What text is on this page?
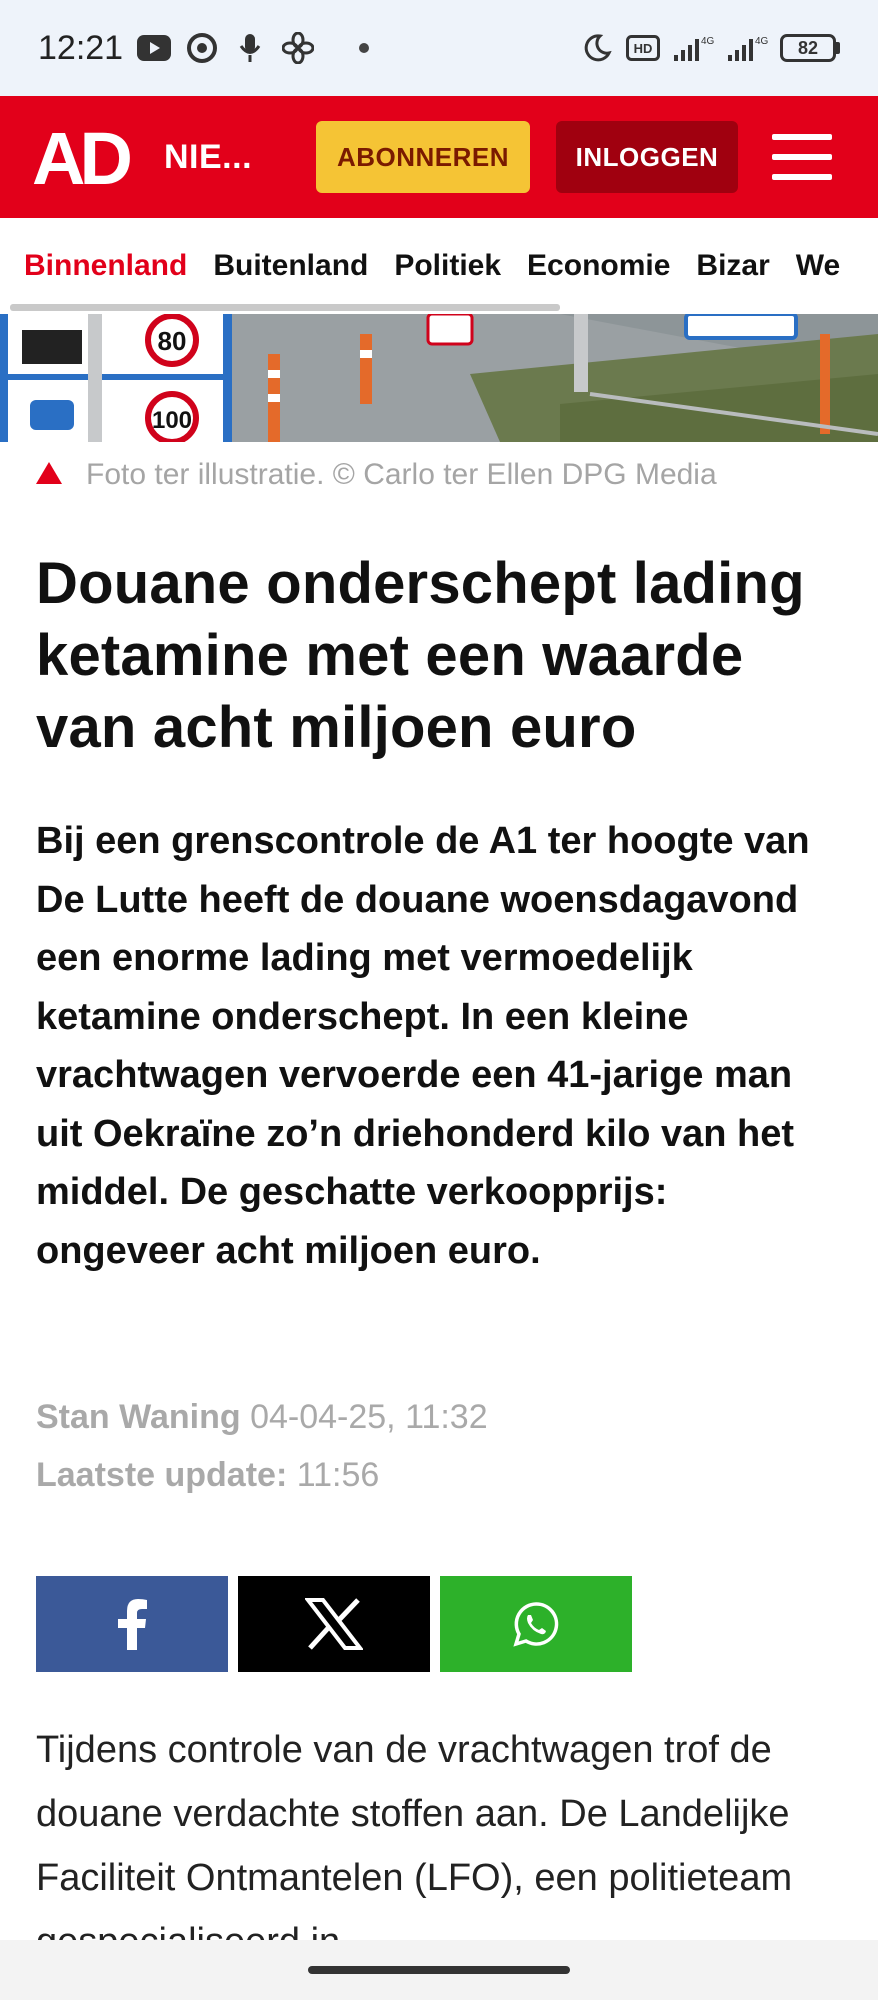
12:21	HD	4G	4G	82
AD NIE...	ABONNEREN	INLOGGEN
Binnenland Buitenland Politiek Economie Bizar We
80
100
Foto ter illustratie. © Carlo ter Ellen DPG Media
Douane onderschept lading ketamine met een waarde van acht miljoen euro

Bij een grenscontrole de A1 ter hoogte van De Lutte heeft de douane woensdagavond een enorme lading met vermoedelijk ketamine onderschept. In een kleine vrachtwagen vervoerde een 41-jarige man uit Oekraïne zo’n driehonderd kilo van het middel. De geschatte verkoopprijs: ongeveer acht miljoen euro.

Stan Waning 04-04-25, 11:32
Laatste update: 11:56

Tijdens controle van de vrachtwagen trof de douane verdachte stoffen aan. De Landelijke Faciliteit Ontmantelen (LFO), een politieteam
